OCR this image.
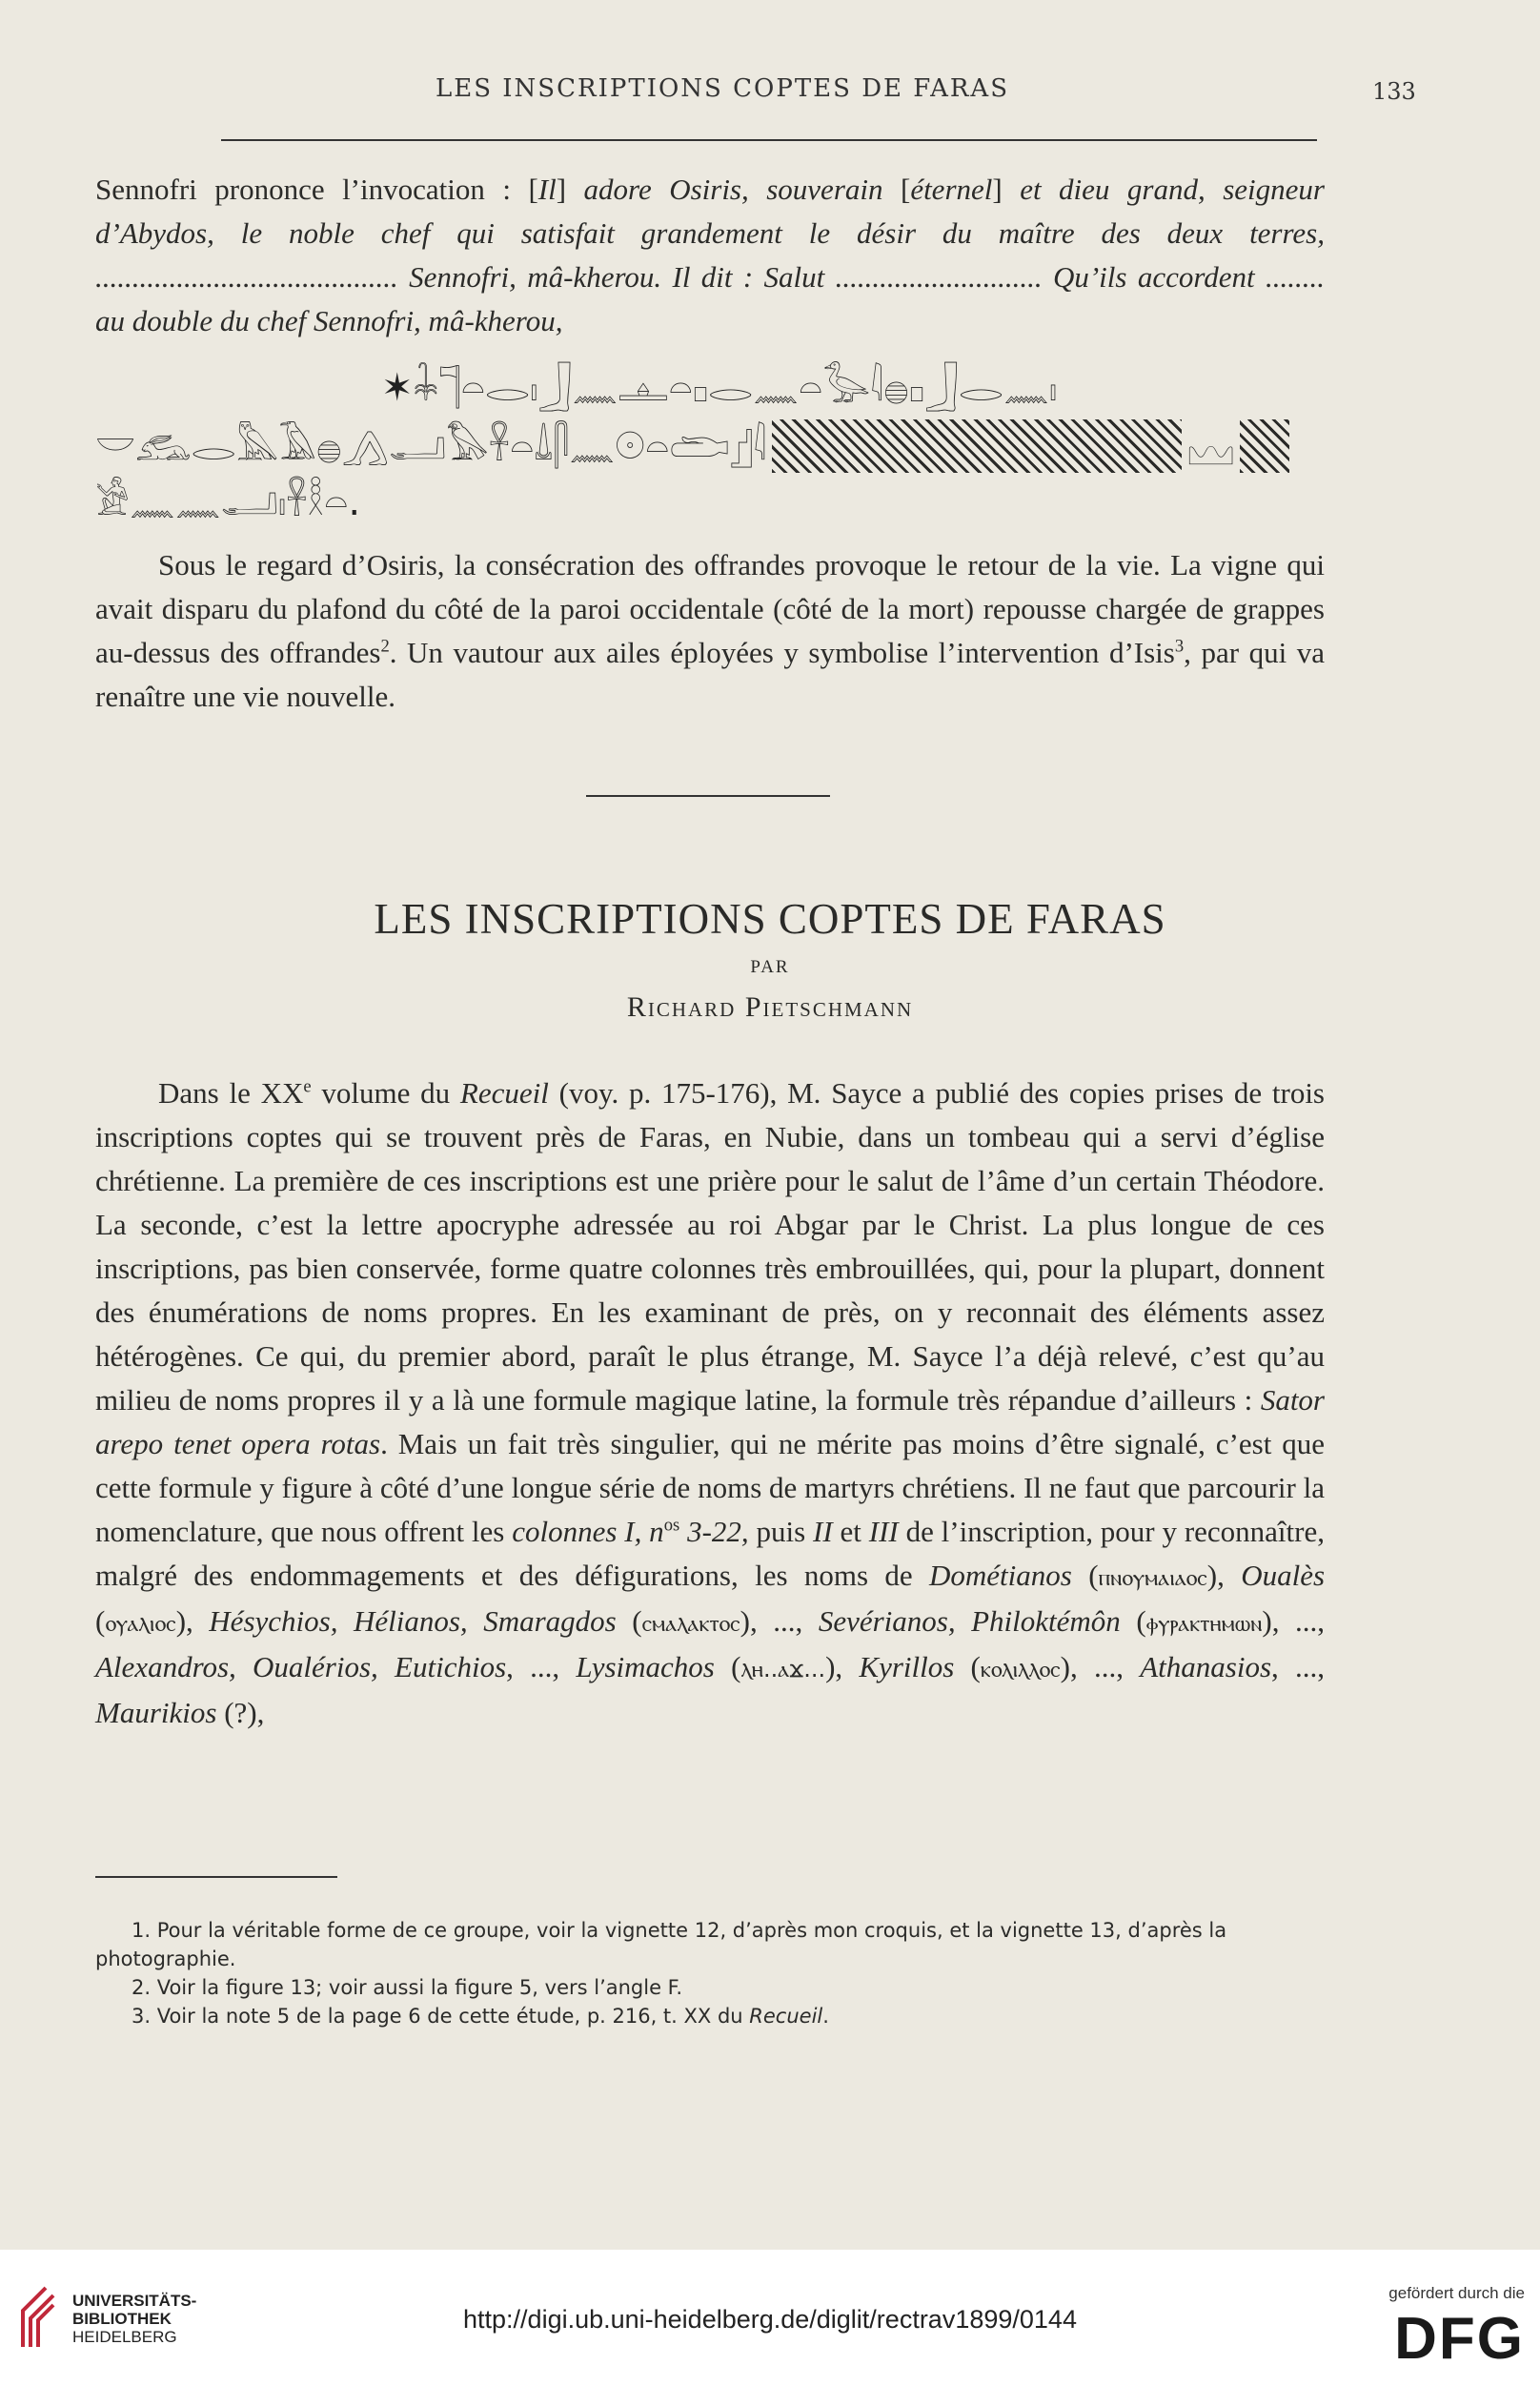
LES INSCRIPTIONS COPTES DE FARAS	133
Sennofri prononce l’invocation : [Il] adore Osiris, souverain [éternel] et dieu grand, seigneur d’Abydos, le noble chef qui satisfait grandement le désir du maître des deux terres, ......................................... Sennofri, mâ-kherou. Il dit : Salut ............................ Qu’ils accordent ........ au double du chef Sennofri, mâ-kherou,
✶𓇓𓊹𓏏𓂋𓏤𓃀𓈖𓊵𓏏𓊪𓂋𓈖𓏏𓅭𓇋𓐍𓊪𓃀𓂋𓈖𓏤
𓎟𓃹𓂋𓅓𓄿𓐍𓂻𓂝𓅃𓋹𓏏𓍑𓋴𓈖𓇳𓏏𓂧𓊨𓇋	𓈉
𓀀𓈖𓈖𓂝𓏤𓋹𓎛𓏏.
Sous le regard d’Osiris, la consécration des offrandes provoque le retour de la vie. La vigne qui avait disparu du plafond du côté de la paroi occidentale (côté de la mort) repousse chargée de grappes au-dessus des offrandes$^2$. Un vautour aux ailes éployées y symbolise l’intervention d’Isis$^3$, par qui va renaître une vie nouvelle.
LES INSCRIPTIONS COPTES DE FARAS
PAR
Richard Pietschmann
Dans le XXe volume du Recueil (voy. p. 175-176), M. Sayce a publié des copies prises de trois inscriptions coptes qui se trouvent près de Faras, en Nubie, dans un tombeau qui a servi d’église chrétienne. La première de ces inscriptions est une prière pour le salut de l’âme d’un certain Théodore. La seconde, c’est la lettre apocryphe adressée au roi Abgar par le Christ. La plus longue de ces inscriptions, pas bien conservée, forme quatre colonnes très embrouillées, qui, pour la plupart, donnent des énumérations de noms propres. En les examinant de près, on y reconnait des éléments assez hétérogènes. Ce qui, du premier abord, paraît le plus étrange, M. Sayce l’a déjà relevé, c’est qu’au milieu de noms propres il y a là une formule magique latine, la formule très répandue d’ailleurs : Sator arepo tenet opera rotas. Mais un fait très singulier, qui ne mérite pas moins d’être signalé, c’est que cette formule y figure à côté d’une longue série de noms de martyrs chrétiens. Il ne faut que parcourir la nomenclature, que nous offrent les colonnes I, $n^{os}$ 3-22, puis II et III de l’inscription, pour y reconnaître, malgré des endommagements et des défigurations, les noms de Dométianos (ⲡⲛⲟⲩⲙⲁⲓⲁⲟⲥ), Oualès (ⲟⲩⲁⲗⲓⲟⲥ), Hésychios, Hélianos, Smaragdos (ⲥⲙⲁⲗⲁⲕⲧⲟⲥ), ..., Sevérianos, Philoktémôn (ⲫⲩⲣⲁⲕⲧⲏⲙⲱⲛ), ..., Alexandros, Oualérios, Eutichios, ..., Lysimachos (ⲗⲏ..ⲁϫ...), Kyrillos (ⲕⲟⲗⲓⲗⲗⲟⲥ), ..., Athanasios, ..., Maurikios (?),

1. Pour la véritable forme de ce groupe, voir la vignette 12, d’après mon croquis, et la vignette 13, d’après la photographie.

2. Voir la figure 13; voir aussi la figure 5, vers l’angle F.

3. Voir la note 5 de la page 6 de cette étude, p. 216, t. XX du Recueil.

UNIVERSITÄTS-
BIBLIOTHEK
HEIDELBERG
http://digi.ub.uni-heidelberg.de/diglit/rectrav1899/0144
gefördert durch die
DFG
